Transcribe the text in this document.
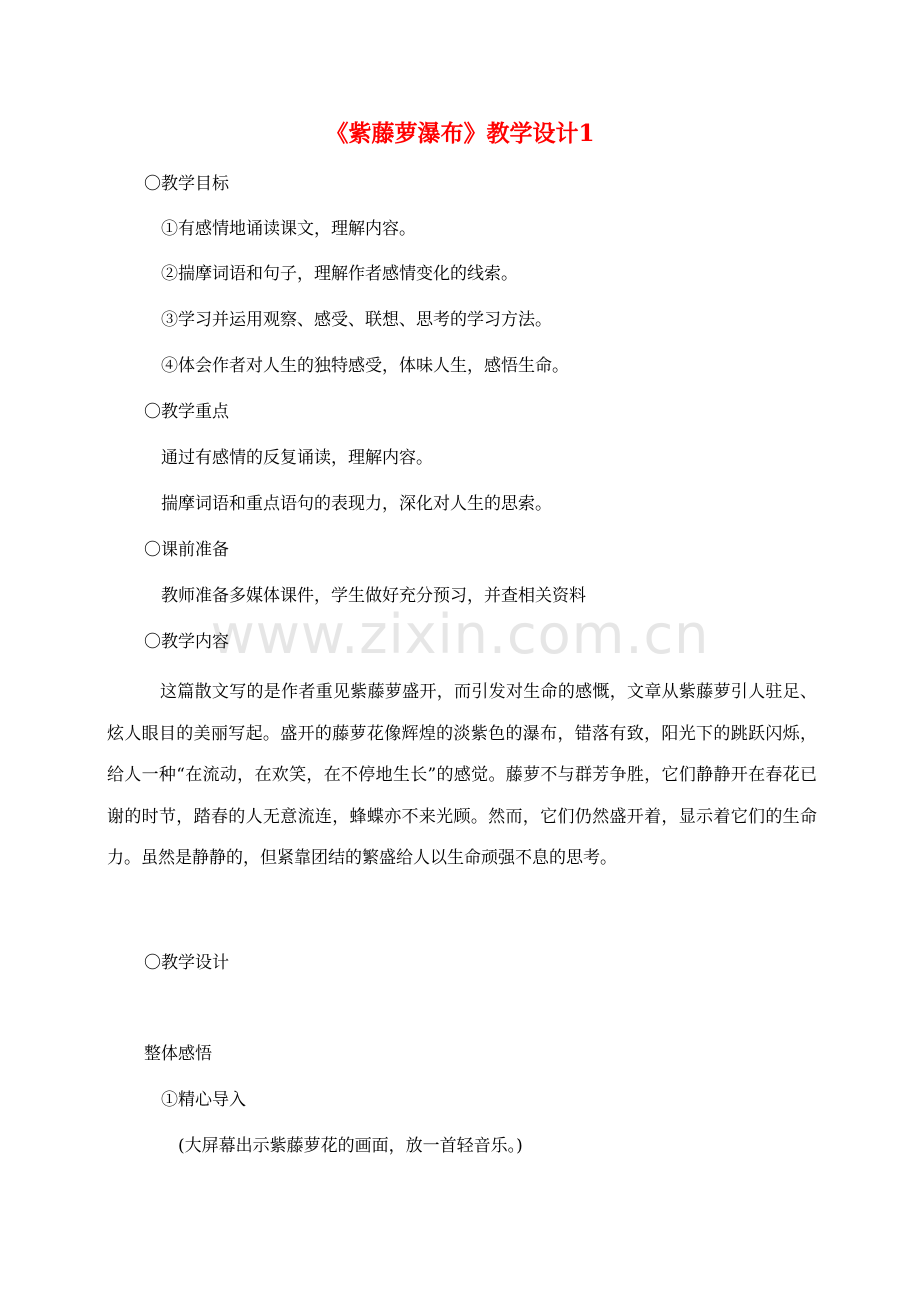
www.zixin.com.cn
《紫藤萝瀑布》教学设计1
〇教学目标
①有感情地诵读课文，理解内容。
②揣摩词语和句子，理解作者感情变化的线索。
③学习并运用观察、感受、联想、思考的学习方法。
④体会作者对人生的独特感受，体味人生，感悟生命。
〇教学重点
通过有感情的反复诵读，理解内容。
揣摩词语和重点语句的表现力，深化对人生的思索。
〇课前准备
教师准备多媒体课件，学生做好充分预习，并查相关资料
〇教学内容
这篇散文写的是作者重见紫藤萝盛开，而引发对生命的感慨，文章从紫藤萝引人驻足、炫人眼目的美丽写起。盛开的藤萝花像辉煌的淡紫色的瀑布，错落有致，阳光下的跳跃闪烁，给人一种“在流动，在欢笑，在不停地生长”的感觉。藤萝不与群芳争胜，它们静静开在春花已谢的时节，踏春的人无意流连，蜂蝶亦不来光顾。然而，它们仍然盛开着，显示着它们的生命力。虽然是静静的，但紧靠团结的繁盛给人以生命顽强不息的思考。
〇教学设计
整体感悟
①精心导入
(大屏幕出示紫藤萝花的画面，放一首轻音乐。)
